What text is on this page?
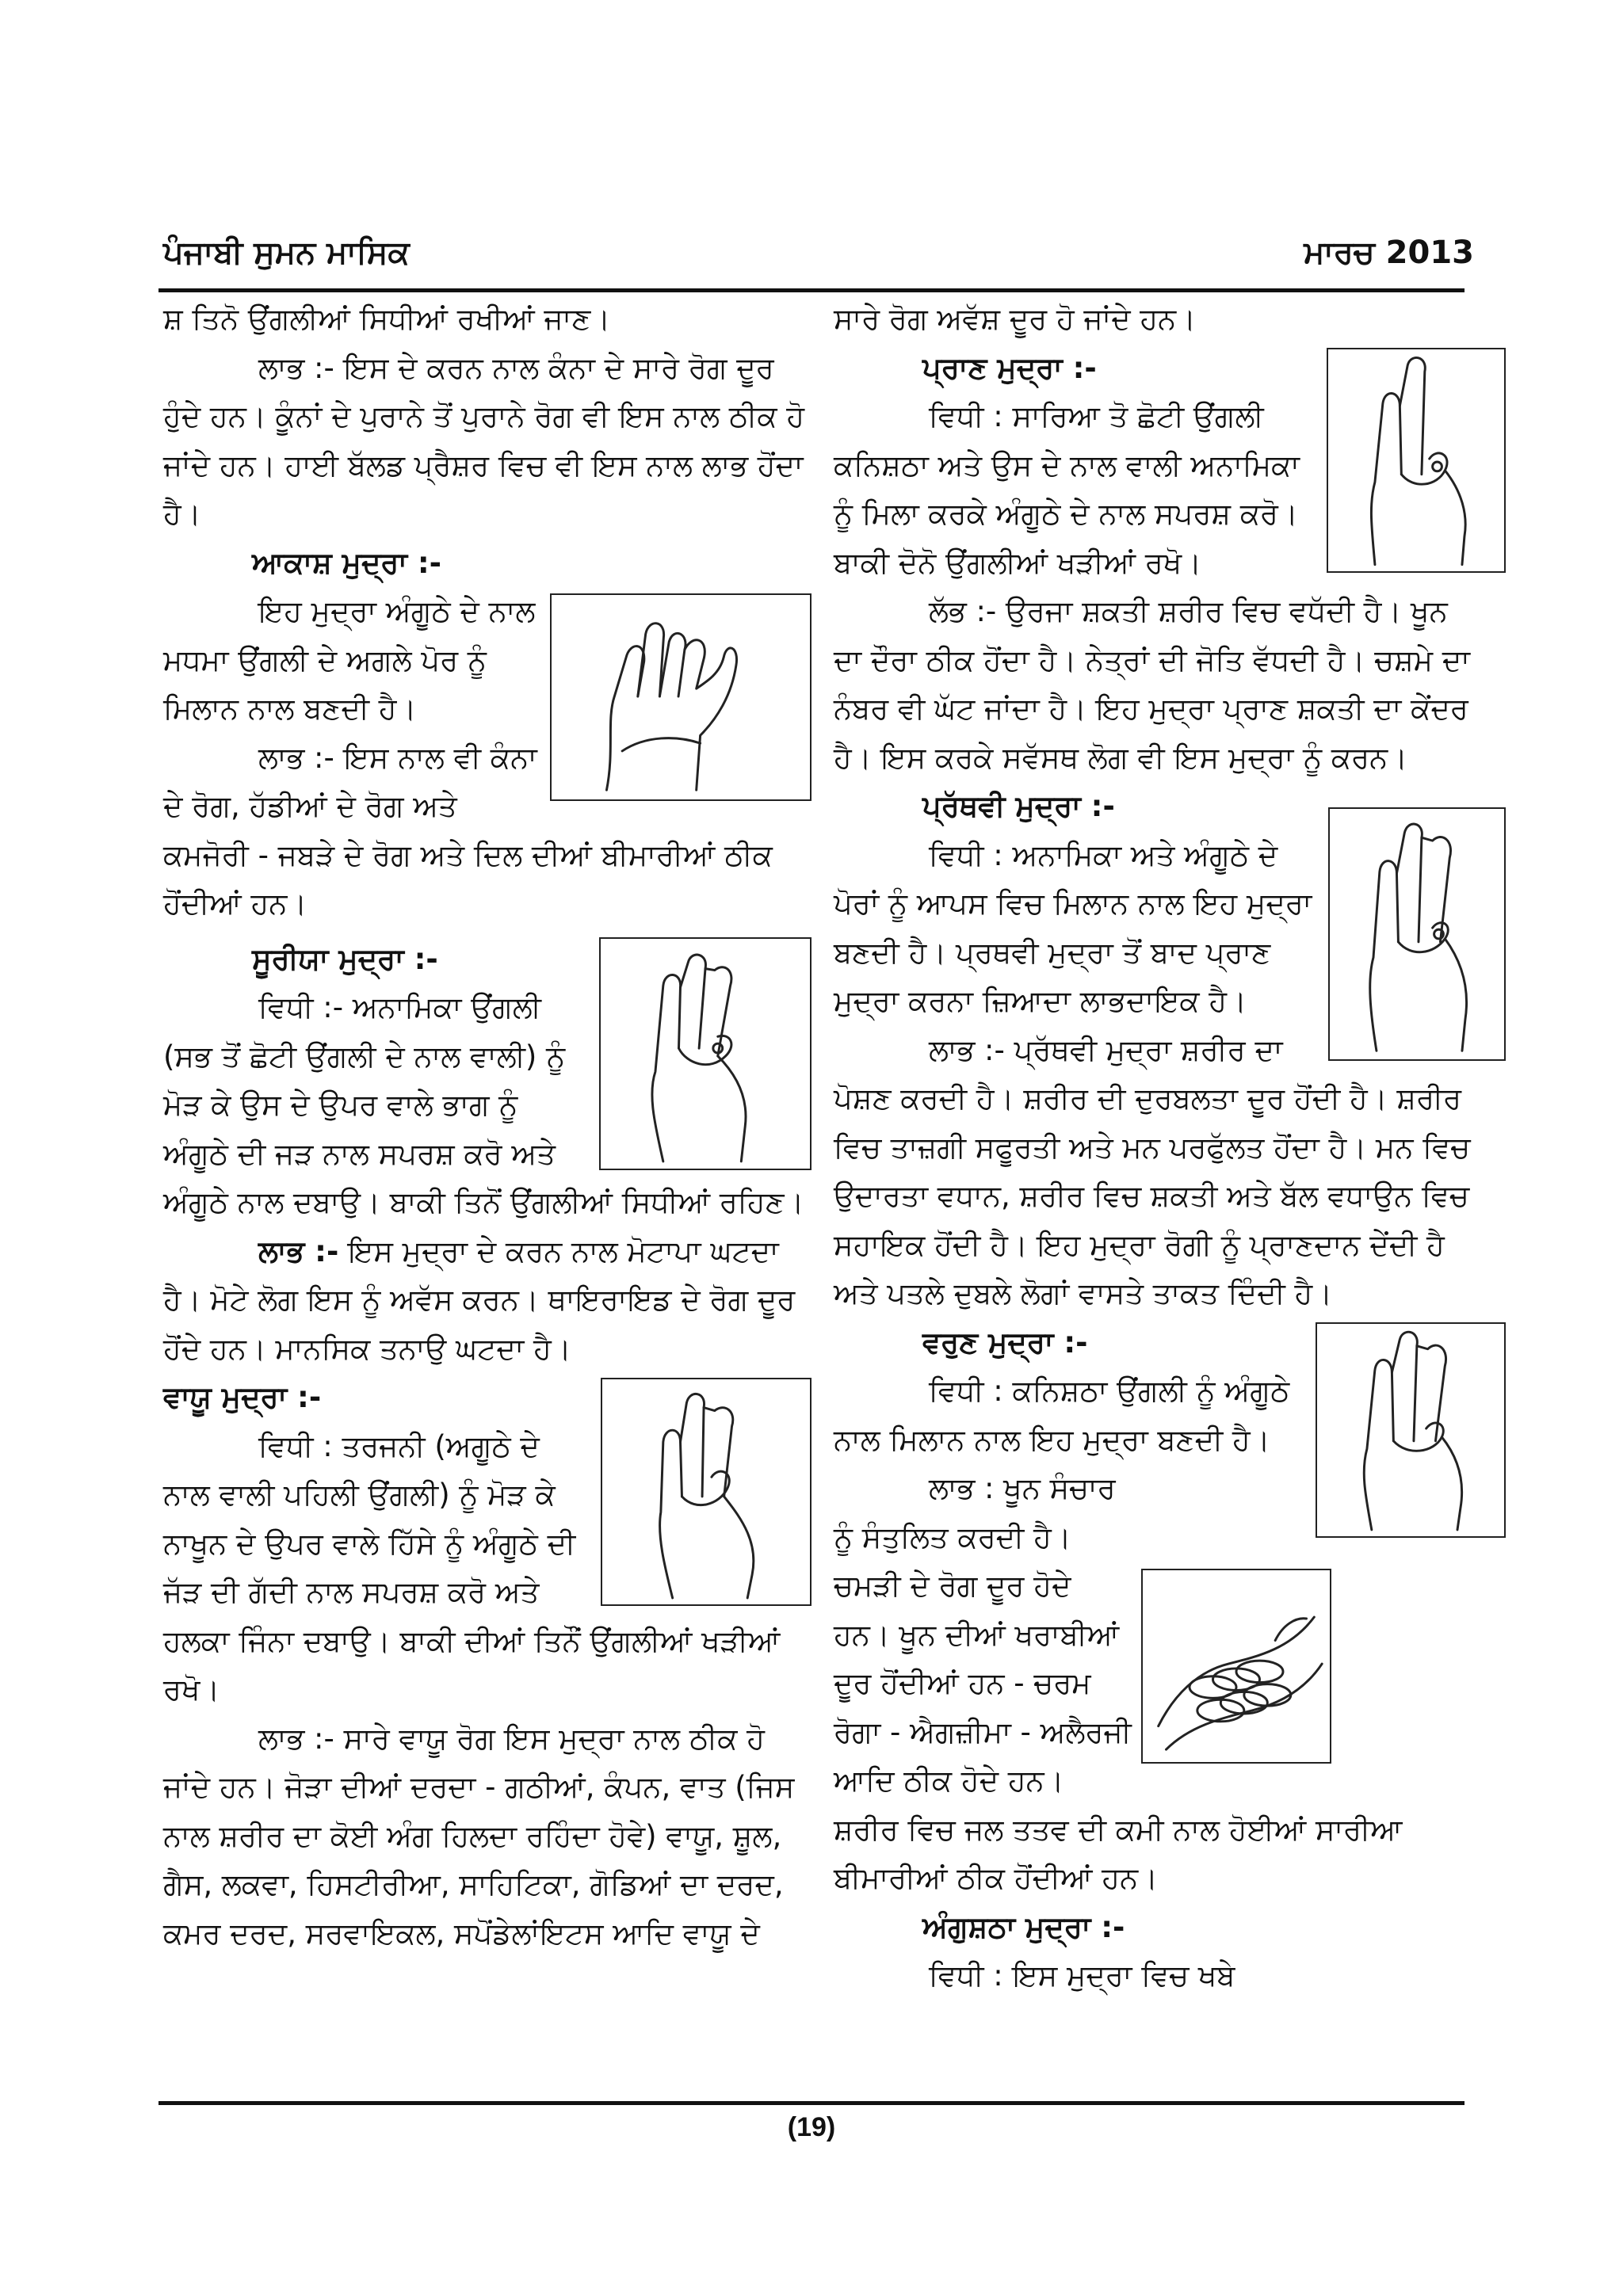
ਪੰਜਾਬੀ ਸੁਮਨ ਮਾਸਿਕ	ਮਾਰਚ 2013

ਸ਼ ਤਿਨੋ ਉਂਗਲੀਆਂ ਸਿਧੀਆਂ ਰਖੀਆਂ ਜਾਣ।

ਲਾਭ :- ਇਸ ਦੇ ਕਰਨ ਨਾਲ ਕੰਨਾ ਦੇ ਸਾਰੇ ਰੋਗ ਦੂਰ ਹੁੰਦੇ ਹਨ। ਕੂੰਨਾਂ ਦੇ ਪੁਰਾਨੇ ਤੋਂ ਪੁਰਾਨੇ ਰੋਗ ਵੀ ਇਸ ਨਾਲ ਠੀਕ ਹੋ ਜਾਂਦੇ ਹਨ। ਹਾਈ ਬੱਲਡ ਪ੍ਰੈਸ਼ਰ ਵਿਚ ਵੀ ਇਸ ਨਾਲ ਲਾਭ ਹੋਂਦਾ ਹੈ।

ਆਕਾਸ਼ ਮੁਦ੍ਰਾ :-

ਇਹ ਮੁਦ੍ਰਾ ਅੰਗੂਠੇ ਦੇ ਨਾਲ ਮਧਮਾ ਉਂਗਲੀ ਦੇ ਅਗਲੇ ਪੋਰ ਨੂੰ ਮਿਲਾਨ ਨਾਲ ਬਣਦੀ ਹੈ।

ਲਾਭ :- ਇਸ ਨਾਲ ਵੀ ਕੰਨਾ ਦੇ ਰੋਗ, ਹੱਡੀਆਂ ਦੇ ਰੋਗ ਅਤੇ ਕਮਜੋਰੀ - ਜਬੜੇ ਦੇ ਰੋਗ ਅਤੇ ਦਿਲ ਦੀਆਂ ਬੀਮਾਰੀਆਂ ਠੀਕ ਹੋਂਦੀਆਂ ਹਨ।

ਸੂਰੀਯਾ ਮੁਦ੍ਰਾ :-

ਵਿਧੀ :- ਅਨਾਮਿਕਾ ਉਂਗਲੀ (ਸਭ ਤੋਂ ਛੋਟੀ ਉਂਗਲੀ ਦੇ ਨਾਲ ਵਾਲੀ) ਨੂੰ ਮੋੜ ਕੇ ਉਸ ਦੇ ਉਪਰ ਵਾਲੇ ਭਾਗ ਨੂੰ ਅੰਗੂਠੇ ਦੀ ਜੜ ਨਾਲ ਸਪਰਸ਼ ਕਰੋ ਅਤੇ ਅੰਗੂਠੇ ਨਾਲ ਦਬਾਉ। ਬਾਕੀ ਤਿਨੋਂ ਉਂਗਲੀਆਂ ਸਿਧੀਆਂ ਰਹਿਣ।

ਲਾਭ :- ਇਸ ਮੁਦ੍ਰਾ ਦੇ ਕਰਨ ਨਾਲ ਮੋਟਾਪਾ ਘਟਦਾ ਹੈ। ਮੋਟੇ ਲੋਗ ਇਸ ਨੂੰ ਅਵੱਸ ਕਰਨ। ਥਾਇਰਾਇਡ ਦੇ ਰੋਗ ਦੂਰ ਹੋਂਦੇ ਹਨ। ਮਾਨਸਿਕ ਤਨਾਉ ਘਟਦਾ ਹੈ।

ਵਾਯੂ ਮੁਦ੍ਰਾ :-

ਵਿਧੀ : ਤਰਜਨੀ (ਅਗੂਠੇ ਦੇ ਨਾਲ ਵਾਲੀ ਪਹਿਲੀ ਉਂਗਲੀ) ਨੂੰ ਮੋੜ ਕੇ ਨਾਖੂਨ ਦੇ ਉਪਰ ਵਾਲੇ ਹਿੱਸੇ ਨੂੰ ਅੰਗੂਠੇ ਦੀ ਜੱੜ ਦੀ ਗੱਦੀ ਨਾਲ ਸਪਰਸ਼ ਕਰੋ ਅਤੇ ਹਲਕਾ ਜਿੰਨਾ ਦਬਾਉ। ਬਾਕੀ ਦੀਆਂ ਤਿਨੌਂ ਉਂਗਲੀਆਂ ਖੜੀਆਂ ਰਖੋ।

ਲਾਭ :- ਸਾਰੇ ਵਾਯੂ ਰੋਗ ਇਸ ਮੁਦ੍ਰਾ ਨਾਲ ਠੀਕ ਹੋ ਜਾਂਦੇ ਹਨ। ਜੋੜਾ ਦੀਆਂ ਦਰਦਾ - ਗਠੀਆਂ, ਕੰਪਨ, ਵਾਤ (ਜਿਸ ਨਾਲ ਸ਼ਰੀਰ ਦਾ ਕੋਈ ਅੰਗ ਹਿਲਦਾ ਰਹਿੰਦਾ ਹੋਵੇ) ਵਾਯੂ, ਸ਼ੂਲ, ਗੈਸ, ਲਕਵਾ, ਹਿਸਟੀਰੀਆ, ਸਾਹਿਟਿਕਾ, ਗੋਡਿਆਂ ਦਾ ਦਰਦ, ਕਮਰ ਦਰਦ, ਸਰਵਾਇਕਲ, ਸਪੋਂਡੇਲਾਂਇਟਸ ਆਦਿ ਵਾਯੂ ਦੇ

ਸਾਰੇ ਰੋਗ ਅਵੱਸ਼ ਦੂਰ ਹੋ ਜਾਂਦੇ ਹਨ।

ਪ੍ਰਾਣ ਮੁਦ੍ਰਾ :-

ਵਿਧੀ : ਸਾਰਿਆ ਤੋ ਛੋਟੀ ਉਂਗਲੀ ਕਨਿਸ਼ਠਾ ਅਤੇ ਉਸ ਦੇ ਨਾਲ ਵਾਲੀ ਅਨਾਮਿਕਾ ਨੂੰ ਮਿਲਾ ਕਰਕੇ ਅੰਗੂਠੇ ਦੇ ਨਾਲ ਸਪਰਸ਼ ਕਰੋ। ਬਾਕੀ ਦੋਨੋ ਉਂਗਲੀਆਂ ਖੜੀਆਂ ਰਖੋ।

ਲੱਭ :- ਉਰਜਾ ਸ਼ਕਤੀ ਸ਼ਰੀਰ ਵਿਚ ਵਧੱਦੀ ਹੈ। ਖੂਨ ਦਾ ਦੌਰਾ ਠੀਕ ਹੋਂਦਾ ਹੈ। ਨੇਤ੍ਰਾਂ ਦੀ ਜੋਤਿ ਵੱਧਦੀ ਹੈ। ਚਸ਼ਮੇ ਦਾ ਨੰਬਰ ਵੀ ਘੱਟ ਜਾਂਦਾ ਹੈ। ਇਹ ਮੁਦ੍ਰਾ ਪ੍ਰਾਣ ਸ਼ਕਤੀ ਦਾ ਕੇਂਦਰ ਹੈ। ਇਸ ਕਰਕੇ ਸਵੱਸਥ ਲੋਗ ਵੀ ਇਸ ਮੁਦ੍ਰਾ ਨੂੰ ਕਰਨ।

ਪ੍ਰੱਥਵੀ ਮੁਦ੍ਰਾ :-

ਵਿਧੀ : ਅਨਾਮਿਕਾ ਅਤੇ ਅੰਗੂਠੇ ਦੇ ਪੋਰਾਂ ਨੂੰ ਆਪਸ ਵਿਚ ਮਿਲਾਨ ਨਾਲ ਇਹ ਮੁਦ੍ਰਾ ਬਣਦੀ ਹੈ। ਪ੍ਰਥਵੀ ਮੁਦ੍ਰਾ ਤੋਂ ਬਾਦ ਪ੍ਰਾਣ ਮੁਦ੍ਰਾ ਕਰਨਾ ਜ਼ਿਆਦਾ ਲਾਭਦਾਇਕ ਹੈ।

ਲਾਭ :- ਪ੍ਰੱਥਵੀ ਮੁਦ੍ਰਾ ਸ਼ਰੀਰ ਦਾ ਪੋਸ਼ਣ ਕਰਦੀ ਹੈ। ਸ਼ਰੀਰ ਦੀ ਦੁਰਬਲਤਾ ਦੂਰ ਹੋਂਦੀ ਹੈ। ਸ਼ਰੀਰ ਵਿਚ ਤਾਜ਼ਗੀ ਸਫੂਰਤੀ ਅਤੇ ਮਨ ਪਰਫੁੱਲਤ ਹੋਂਦਾ ਹੈ। ਮਨ ਵਿਚ ਉਦਾਰਤਾ ਵਧਾਨ, ਸ਼ਰੀਰ ਵਿਚ ਸ਼ਕਤੀ ਅਤੇ ਬੱਲ ਵਧਾਉਨ ਵਿਚ ਸਹਾਇਕ ਹੋਂਦੀ ਹੈ। ਇਹ ਮੁਦ੍ਰਾ ਰੋਗੀ ਨੂੰ ਪ੍ਰਾਣਦਾਨ ਦੇਂਦੀ ਹੈ ਅਤੇ ਪਤਲੇ ਦੁਬਲੇ ਲੋਗਾਂ ਵਾਸਤੇ ਤਾਕਤ ਦਿੰਦੀ ਹੈ।

ਵਰੁਣ ਮੁਦ੍ਰਾ :-

ਵਿਧੀ : ਕਨਿਸ਼ਠਾ ਉਂਗਲੀ ਨੂੰ ਅੰਗੂਠੇ ਨਾਲ ਮਿਲਾਨ ਨਾਲ ਇਹ ਮੁਦ੍ਰਾ ਬਣਦੀ ਹੈ।

ਲਾਭ : ਖੂਨ ਸੰਚਾਰ ਨੂੰ ਸੰਤੁਲਿਤ ਕਰਦੀ ਹੈ। ਚਮੜੀ ਦੇ ਰੋਗ ਦੂਰ ਹੋਦੇ ਹਨ। ਖੂਨ ਦੀਆਂ ਖਰਾਬੀਆਂ ਦੂਰ ਹੋਂਦੀਆਂ ਹਨ - ਚਰਮ ਰੋਗਾ - ਐਗਜ਼ੀਮਾ - ਅਲੈਰਜੀ ਆਦਿ ਠੀਕ ਹੋਦੇ ਹਨ। ਸ਼ਰੀਰ ਵਿਚ ਜਲ ਤਤਵ ਦੀ ਕਮੀ ਨਾਲ ਹੋਈਆਂ ਸਾਰੀਆ ਬੀਮਾਰੀਆਂ ਠੀਕ ਹੋਂਦੀਆਂ ਹਨ।

ਅੰਗੁਸ਼ਠਾ ਮੁਦ੍ਰਾ :-

ਵਿਧੀ : ਇਸ ਮੁਦ੍ਰਾ ਵਿਚ ਖਬੇ

(19)
